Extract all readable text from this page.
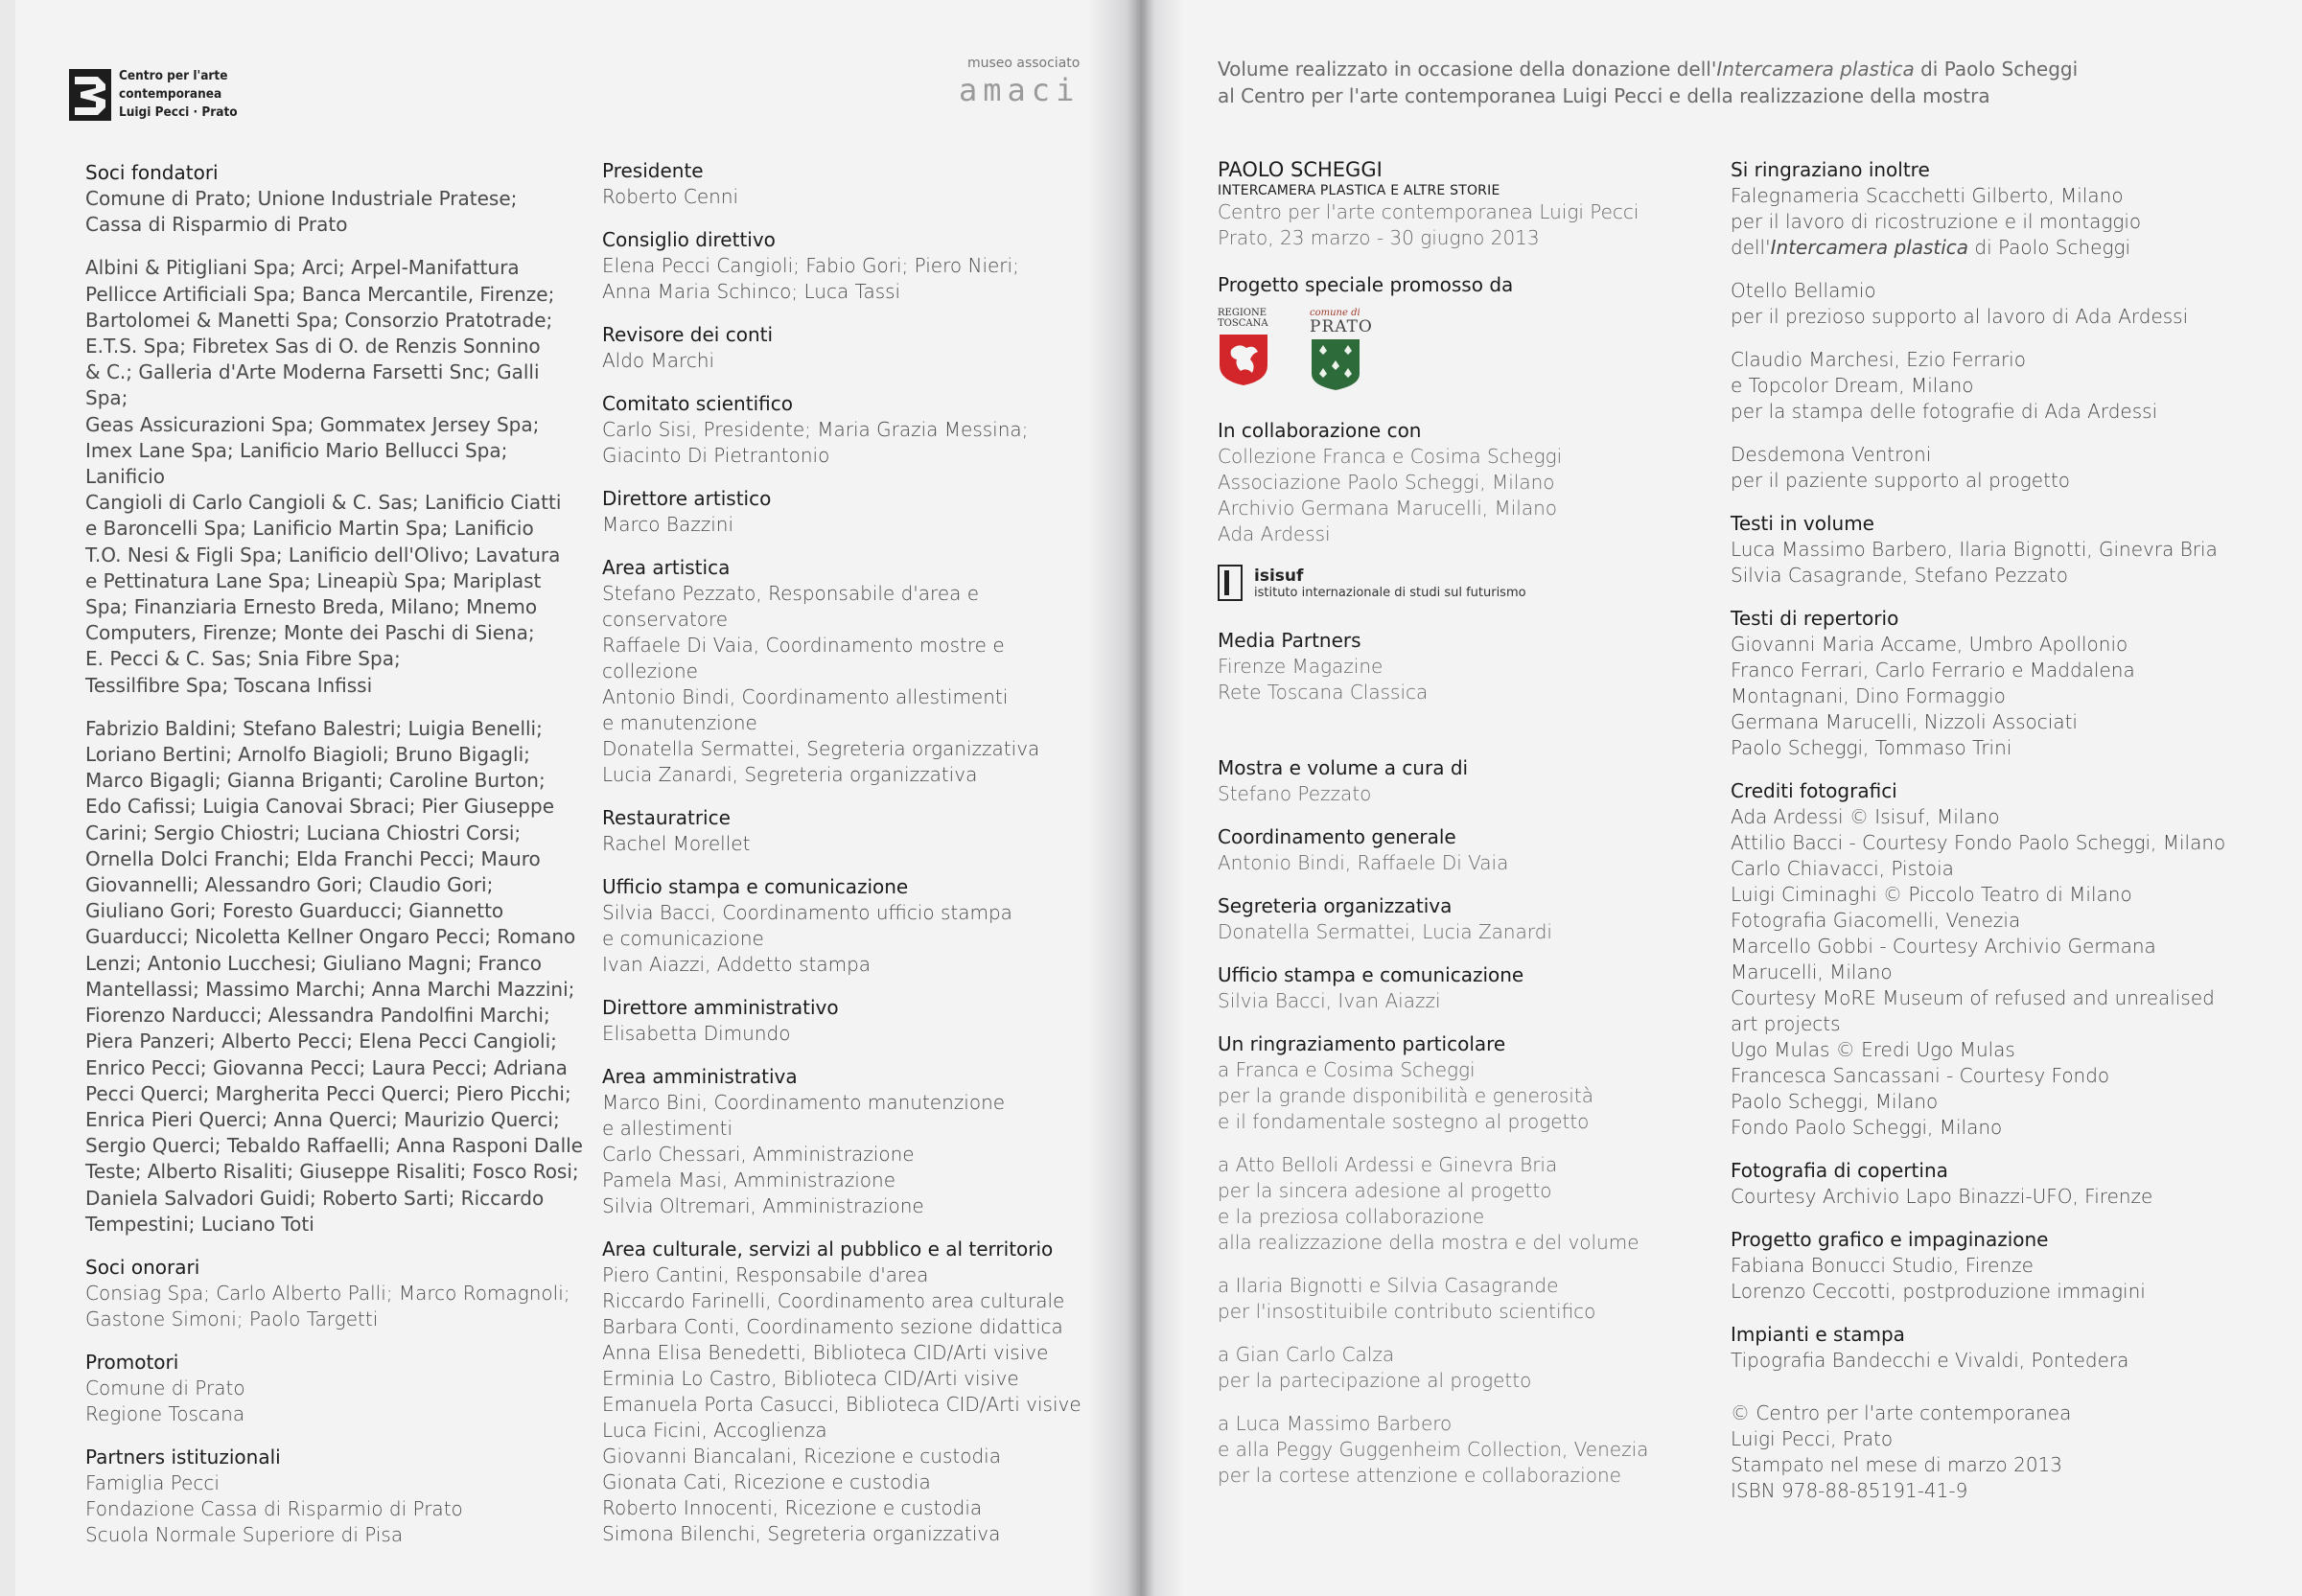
Centro per l'arte
contemporanea
Luigi Pecci · Prato
museo associato
amaci
Volume realizzato in occasione della donazione dell'Intercamera plastica di Paolo Scheggi
al Centro per l'arte contemporanea Luigi Pecci e della realizzazione della mostra
Soci fondatori
Comune di Prato; Unione Industriale Pratese;
Cassa di Risparmio di Prato
Albini & Pitigliani Spa; Arci; Arpel-Manifattura
Pellicce Artificiali Spa; Banca Mercantile, Firenze;
Bartolomei & Manetti Spa; Consorzio Pratotrade;
E.T.S. Spa; Fibretex Sas di O. de Renzis Sonnino
& C.; Galleria d'Arte Moderna Farsetti Snc; Galli Spa;
Geas Assicurazioni Spa; Gommatex Jersey Spa;
Imex Lane Spa; Lanificio Mario Bellucci Spa; Lanificio
Cangioli di Carlo Cangioli & C. Sas; Lanificio Ciatti
e Baroncelli Spa; Lanificio Martin Spa; Lanificio
T.O. Nesi & Figli Spa; Lanificio dell'Olivo; Lavatura
e Pettinatura Lane Spa; Lineapiù Spa; Mariplast
Spa; Finanziaria Ernesto Breda, Milano; Mnemo
Computers, Firenze; Monte dei Paschi di Siena;
E. Pecci & C. Sas; Snia Fibre Spa;
Tessilfibre Spa; Toscana Infissi
Fabrizio Baldini; Stefano Balestri; Luigia Benelli;
Loriano Bertini; Arnolfo Biagioli; Bruno Bigagli;
Marco Bigagli; Gianna Briganti; Caroline Burton;
Edo Cafissi; Luigia Canovai Sbraci; Pier Giuseppe
Carini; Sergio Chiostri; Luciana Chiostri Corsi;
Ornella Dolci Franchi; Elda Franchi Pecci; Mauro
Giovannelli; Alessandro Gori; Claudio Gori;
Giuliano Gori; Foresto Guarducci; Giannetto
Guarducci; Nicoletta Kellner Ongaro Pecci; Romano
Lenzi; Antonio Lucchesi; Giuliano Magni; Franco
Mantellassi; Massimo Marchi; Anna Marchi Mazzini;
Fiorenzo Narducci; Alessandra Pandolfini Marchi;
Piera Panzeri; Alberto Pecci; Elena Pecci Cangioli;
Enrico Pecci; Giovanna Pecci; Laura Pecci; Adriana
Pecci Querci; Margherita Pecci Querci; Piero Picchi;
Enrica Pieri Querci; Anna Querci; Maurizio Querci;
Sergio Querci; Tebaldo Raffaelli; Anna Rasponi Dalle
Teste; Alberto Risaliti; Giuseppe Risaliti; Fosco Rosi;
Daniela Salvadori Guidi; Roberto Sarti; Riccardo
Tempestini; Luciano Toti
Soci onorari
Consiag Spa; Carlo Alberto Palli; Marco Romagnoli;
Gastone Simoni; Paolo Targetti
Promotori
Comune di Prato
Regione Toscana
Partners istituzionali
Famiglia Pecci
Fondazione Cassa di Risparmio di Prato
Scuola Normale Superiore di Pisa
Presidente
Roberto Cenni
Consiglio direttivo
Elena Pecci Cangioli; Fabio Gori; Piero Nieri;
Anna Maria Schinco; Luca Tassi
Revisore dei conti
Aldo Marchi
Comitato scientifico
Carlo Sisi, Presidente; Maria Grazia Messina;
Giacinto Di Pietrantonio
Direttore artistico
Marco Bazzini
Area artistica
Stefano Pezzato, Responsabile d'area e conservatore
Raffaele Di Vaia, Coordinamento mostre e collezione
Antonio Bindi, Coordinamento allestimenti
e manutenzione
Donatella Sermattei, Segreteria organizzativa
Lucia Zanardi, Segreteria organizzativa
Restauratrice
Rachel Morellet
Ufficio stampa e comunicazione
Silvia Bacci, Coordinamento ufficio stampa
e comunicazione
Ivan Aiazzi, Addetto stampa
Direttore amministrativo
Elisabetta Dimundo
Area amministrativa
Marco Bini, Coordinamento manutenzione
e allestimenti
Carlo Chessari, Amministrazione
Pamela Masi, Amministrazione
Silvia Oltremari, Amministrazione
Area culturale, servizi al pubblico e al territorio
Piero Cantini, Responsabile d'area
Riccardo Farinelli, Coordinamento area culturale
Barbara Conti, Coordinamento sezione didattica
Anna Elisa Benedetti, Biblioteca CID/Arti visive
Erminia Lo Castro, Biblioteca CID/Arti visive
Emanuela Porta Casucci, Biblioteca CID/Arti visive
Luca Ficini, Accoglienza
Giovanni Biancalani, Ricezione e custodia
Gionata Cati, Ricezione e custodia
Roberto Innocenti, Ricezione e custodia
Simona Bilenchi, Segreteria organizzativa
PAOLO SCHEGGI
INTERCAMERA PLASTICA E ALTRE STORIE
Centro per l'arte contemporanea Luigi Pecci
Prato, 23 marzo - 30 giugno 2013
Progetto speciale promosso da
REGIONE TOSCANA
comune di
PRATO
In collaborazione con
Collezione Franca e Cosima Scheggi
Associazione Paolo Scheggi, Milano
Archivio Germana Marucelli, Milano
Ada Ardessi
isisuf
istituto internazionale di studi sul futurismo
Media Partners
Firenze Magazine
Rete Toscana Classica
Mostra e volume a cura di
Stefano Pezzato
Coordinamento generale
Antonio Bindi, Raffaele Di Vaia
Segreteria organizzativa
Donatella Sermattei, Lucia Zanardi
Ufficio stampa e comunicazione
Silvia Bacci, Ivan Aiazzi
Un ringraziamento particolare
a Franca e Cosima Scheggi
per la grande disponibilità e generosità
e il fondamentale sostegno al progetto
a Atto Belloli Ardessi e Ginevra Bria
per la sincera adesione al progetto
e la preziosa collaborazione
alla realizzazione della mostra e del volume
a Ilaria Bignotti e Silvia Casagrande
per l'insostituibile contributo scientifico
a Gian Carlo Calza
per la partecipazione al progetto
a Luca Massimo Barbero
e alla Peggy Guggenheim Collection, Venezia
per la cortese attenzione e collaborazione
Si ringraziano inoltre
Falegnameria Scacchetti Gilberto, Milano
per il lavoro di ricostruzione e il montaggio
dell'Intercamera plastica di Paolo Scheggi
Otello Bellamio
per il prezioso supporto al lavoro di Ada Ardessi
Claudio Marchesi, Ezio Ferrario
e Topcolor Dream, Milano
per la stampa delle fotografie di Ada Ardessi
Desdemona Ventroni
per il paziente supporto al progetto
Testi in volume
Luca Massimo Barbero, Ilaria Bignotti, Ginevra Bria
Silvia Casagrande, Stefano Pezzato
Testi di repertorio
Giovanni Maria Accame, Umbro Apollonio
Franco Ferrari, Carlo Ferrario e Maddalena
Montagnani, Dino Formaggio
Germana Marucelli, Nizzoli Associati
Paolo Scheggi, Tommaso Trini
Crediti fotografici
Ada Ardessi © Isisuf, Milano
Attilio Bacci - Courtesy Fondo Paolo Scheggi, Milano
Carlo Chiavacci, Pistoia
Luigi Ciminaghi © Piccolo Teatro di Milano
Fotografia Giacomelli, Venezia
Marcello Gobbi - Courtesy Archivio Germana
Marucelli, Milano
Courtesy MoRE Museum of refused and unrealised
art projects
Ugo Mulas © Eredi Ugo Mulas
Francesca Sancassani - Courtesy Fondo
Paolo Scheggi, Milano
Fondo Paolo Scheggi, Milano
Fotografia di copertina
Courtesy Archivio Lapo Binazzi-UFO, Firenze
Progetto grafico e impaginazione
Fabiana Bonucci Studio, Firenze
Lorenzo Ceccotti, postproduzione immagini
Impianti e stampa
Tipografia Bandecchi e Vivaldi, Pontedera
© Centro per l'arte contemporanea
Luigi Pecci, Prato
Stampato nel mese di marzo 2013
ISBN 978-88-85191-41-9
